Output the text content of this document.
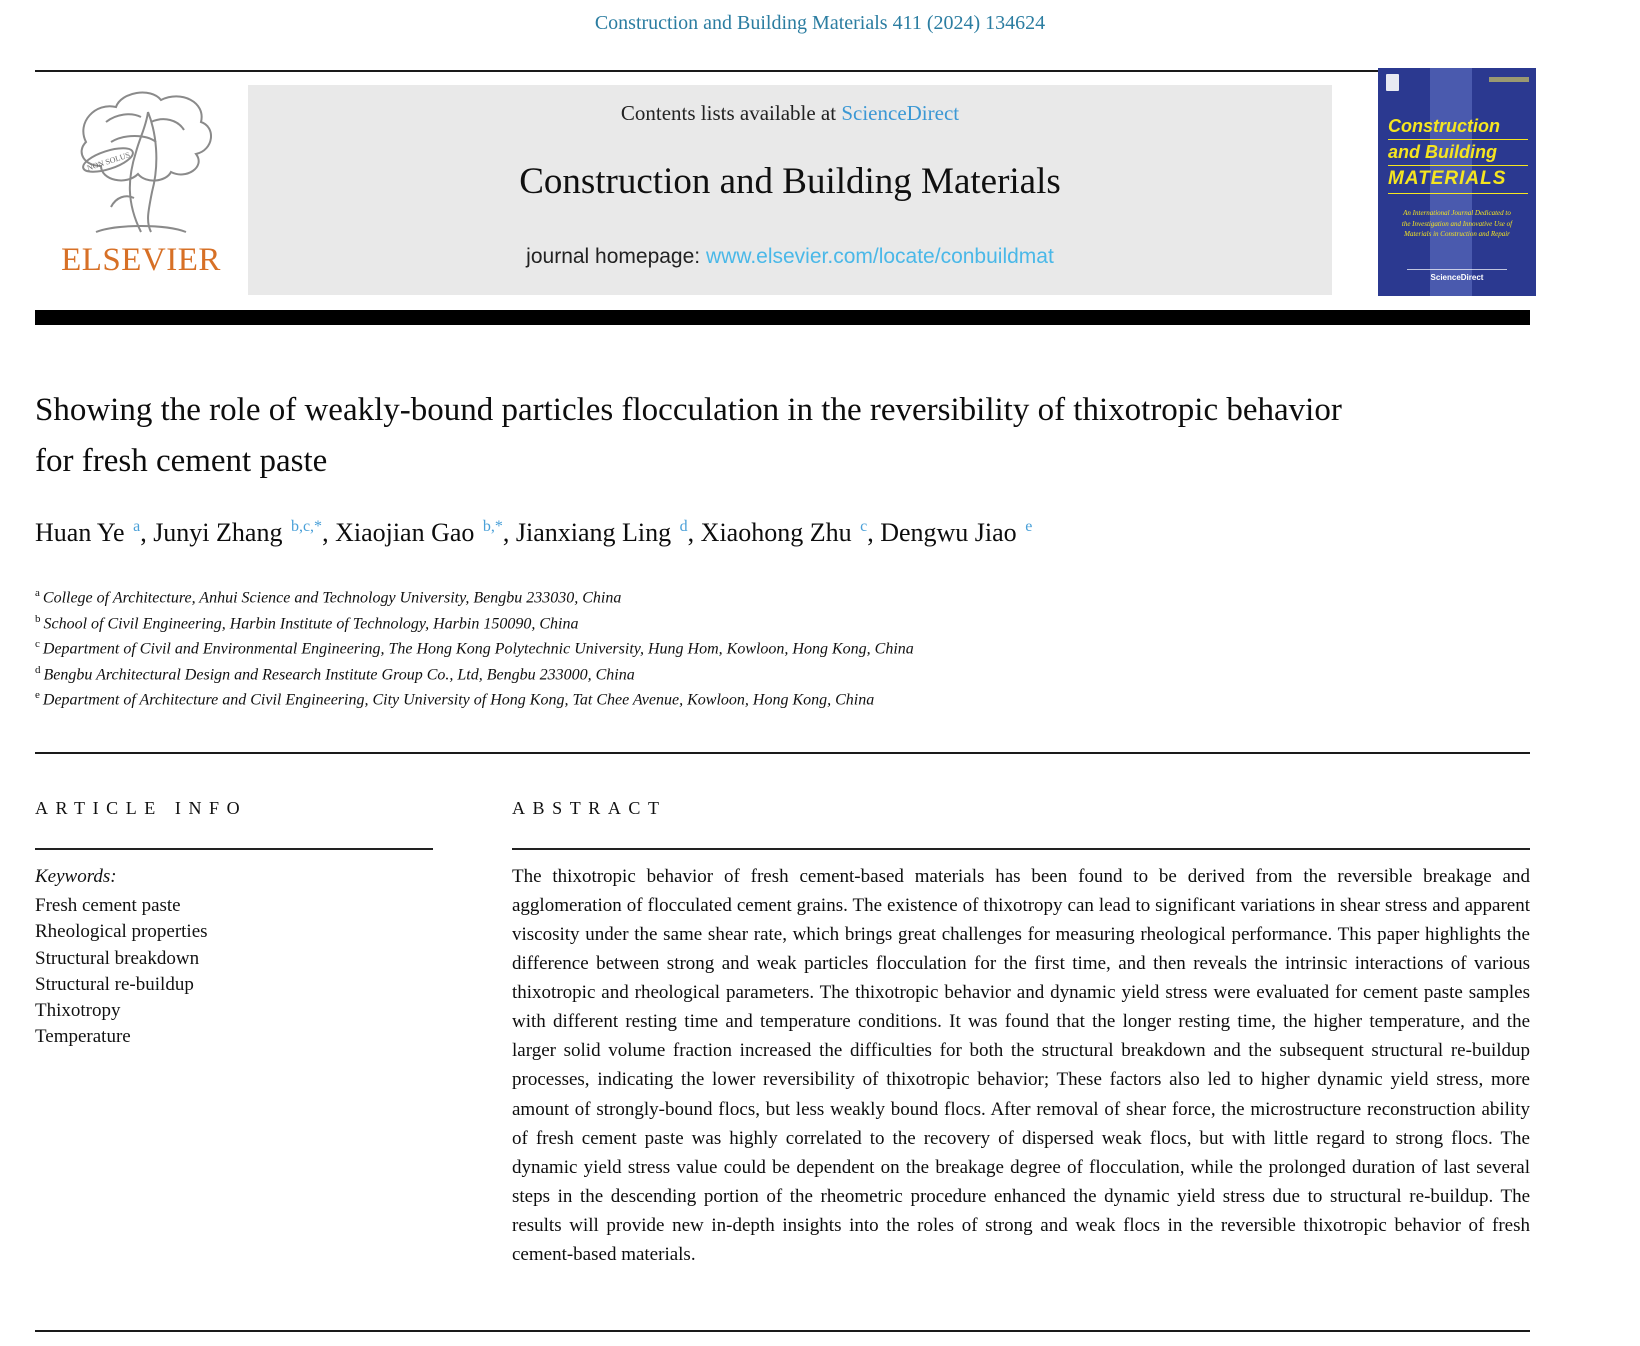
Construction and Building Materials 411 (2024) 134624
NON SOLUS
ELSEVIER
Contents lists available at ScienceDirect
Construction and Building Materials
journal homepage: www.elsevier.com/locate/conbuildmat
Construction
and Building
MATERIALS
An International Journal Dedicated to the Investigation and Innovative Use of Materials in Construction and Repair
ScienceDirect
Showing the role of weakly-bound particles flocculation in the reversibility of thixotropic behavior for fresh cement paste
Huan Ye $^a$, Junyi Zhang $^{b,c,*}$, Xiaojian Gao $^{b,*}$, Jianxiang Ling $^d$, Xiaohong Zhu $^c$, Dengwu Jiao $^e$
$^a$ College of Architecture, Anhui Science and Technology University, Bengbu 233030, China
$^b$ School of Civil Engineering, Harbin Institute of Technology, Harbin 150090, China
$^c$ Department of Civil and Environmental Engineering, The Hong Kong Polytechnic University, Hung Hom, Kowloon, Hong Kong, China
$^d$ Bengbu Architectural Design and Research Institute Group Co., Ltd, Bengbu 233000, China
$^e$ Department of Architecture and Civil Engineering, City University of Hong Kong, Tat Chee Avenue, Kowloon, Hong Kong, China
ARTICLE INFO	ABSTRACT
Keywords:
Fresh cement paste
Rheological properties
Structural breakdown
Structural re-buildup
Thixotropy
Temperature
The thixotropic behavior of fresh cement-based materials has been found to be derived from the reversible breakage and agglomeration of flocculated cement grains. The existence of thixotropy can lead to significant variations in shear stress and apparent viscosity under the same shear rate, which brings great challenges for measuring rheological performance. This paper highlights the difference between strong and weak particles flocculation for the first time, and then reveals the intrinsic interactions of various thixotropic and rheological parameters. The thixotropic behavior and dynamic yield stress were evaluated for cement paste samples with different resting time and temperature conditions. It was found that the longer resting time, the higher temperature, and the larger solid volume fraction increased the difficulties for both the structural breakdown and the subsequent structural re-buildup processes, indicating the lower reversibility of thixotropic behavior; These factors also led to higher dynamic yield stress, more amount of strongly-bound flocs, but less weakly bound flocs. After removal of shear force, the microstructure reconstruction ability of fresh cement paste was highly correlated to the recovery of dispersed weak flocs, but with little regard to strong flocs. The dynamic yield stress value could be dependent on the breakage degree of flocculation, while the prolonged duration of last several steps in the descending portion of the rheometric procedure enhanced the dynamic yield stress due to structural re-buildup. The results will provide new in-depth insights into the roles of strong and weak flocs in the reversible thixotropic behavior of fresh cement-based materials.
